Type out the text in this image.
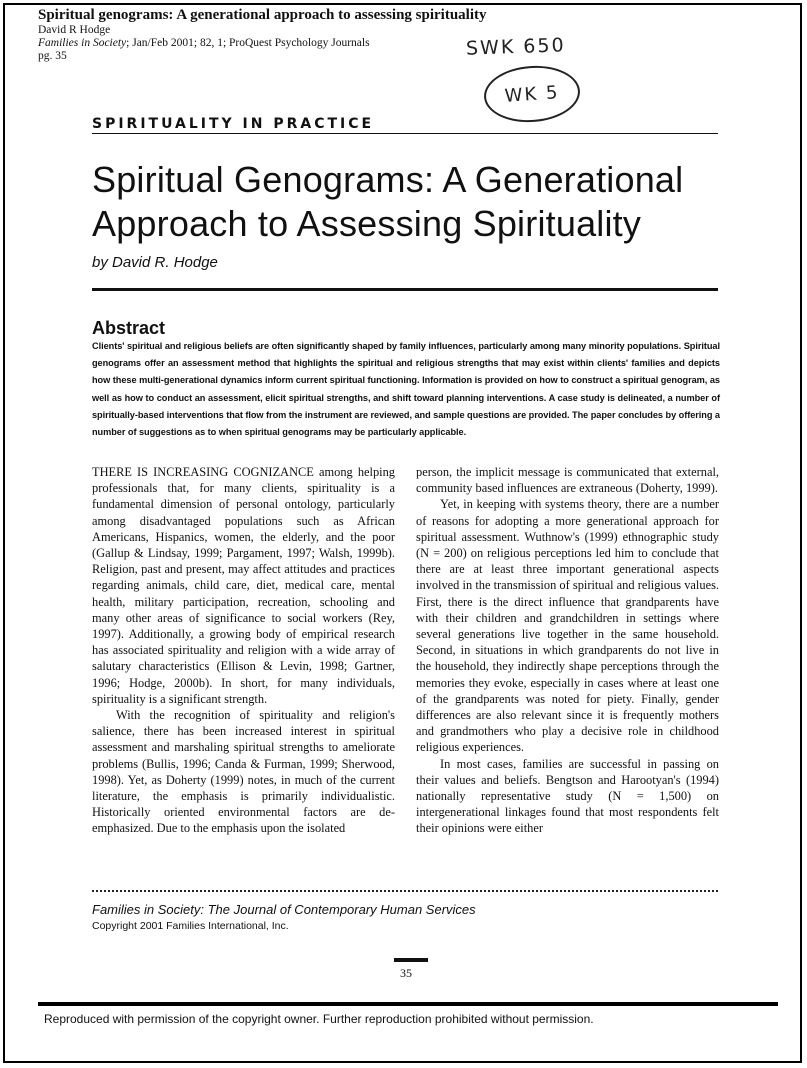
Spiritual genograms: A generational approach to assessing spirituality
David R Hodge
Families in Society; Jan/Feb 2001; 82, 1; ProQuest Psychology Journals
pg. 35	SWK 650
WK 5
SPIRITUALITY IN PRACTICE
Spiritual Genograms: A Generational Approach to Assessing Spirituality
by David R. Hodge
Abstract
Clients' spiritual and religious beliefs are often significantly shaped by family influences, particularly among many minority populations. Spiritual genograms offer an assessment method that highlights the spiritual and religious strengths that may exist within clients' families and depicts how these multi-generational dynamics inform current spiritual functioning. Information is provided on how to construct a spiritual genogram, as well as how to conduct an assessment, elicit spiritual strengths, and shift toward planning interventions. A case study is delineated, a number of spiritually-based interventions that flow from the instrument are reviewed, and sample questions are provided. The paper concludes by offering a number of suggestions as to when spiritual genograms may be particularly applicable.

THERE IS INCREASING COGNIZANCE among helping professionals that, for many clients, spirituality is a fundamental dimension of personal ontology, particularly among disadvantaged populations such as African Americans, Hispanics, women, the elderly, and the poor (Gallup & Lindsay, 1999; Pargament, 1997; Walsh, 1999b). Religion, past and present, may affect attitudes and practices regarding animals, child care, diet, medical care, mental health, military participation, recreation, schooling and many other areas of significance to social workers (Rey, 1997). Additionally, a growing body of empirical research has associated spirituality and religion with a wide array of salutary characteristics (Ellison & Levin, 1998; Gartner, 1996; Hodge, 2000b). In short, for many individuals, spirituality is a significant strength.

With the recognition of spirituality and religion's salience, there has been increased interest in spiritual assessment and marshaling spiritual strengths to ameliorate problems (Bullis, 1996; Canda & Furman, 1999; Sherwood, 1998). Yet, as Doherty (1999) notes, in much of the current literature, the emphasis is primarily individualistic. Historically oriented environmental factors are de-emphasized. Due to the emphasis upon the isolated

person, the implicit message is communicated that external, community based influences are extraneous (Doherty, 1999).

Yet, in keeping with systems theory, there are a number of reasons for adopting a more generational approach for spiritual assessment. Wuthnow's (1999) ethnographic study (N = 200) on religious perceptions led him to conclude that there are at least three important generational aspects involved in the transmission of spiritual and religious values. First, there is the direct influence that grandparents have with their children and grandchildren in settings where several generations live together in the same household. Second, in situations in which grandparents do not live in the household, they indirectly shape perceptions through the memories they evoke, especially in cases where at least one of the grandparents was noted for piety. Finally, gender differences are also relevant since it is frequently mothers and grandmothers who play a decisive role in childhood religious experiences.

In most cases, families are successful in passing on their values and beliefs. Bengtson and Harootyan's (1994) nationally representative study (N = 1,500) on intergenerational linkages found that most respondents felt their opinions were either

Families in Society: The Journal of Contemporary Human Services
Copyright 2001 Families International, Inc.
35
Reproduced with permission of the copyright owner. Further reproduction prohibited without permission.
